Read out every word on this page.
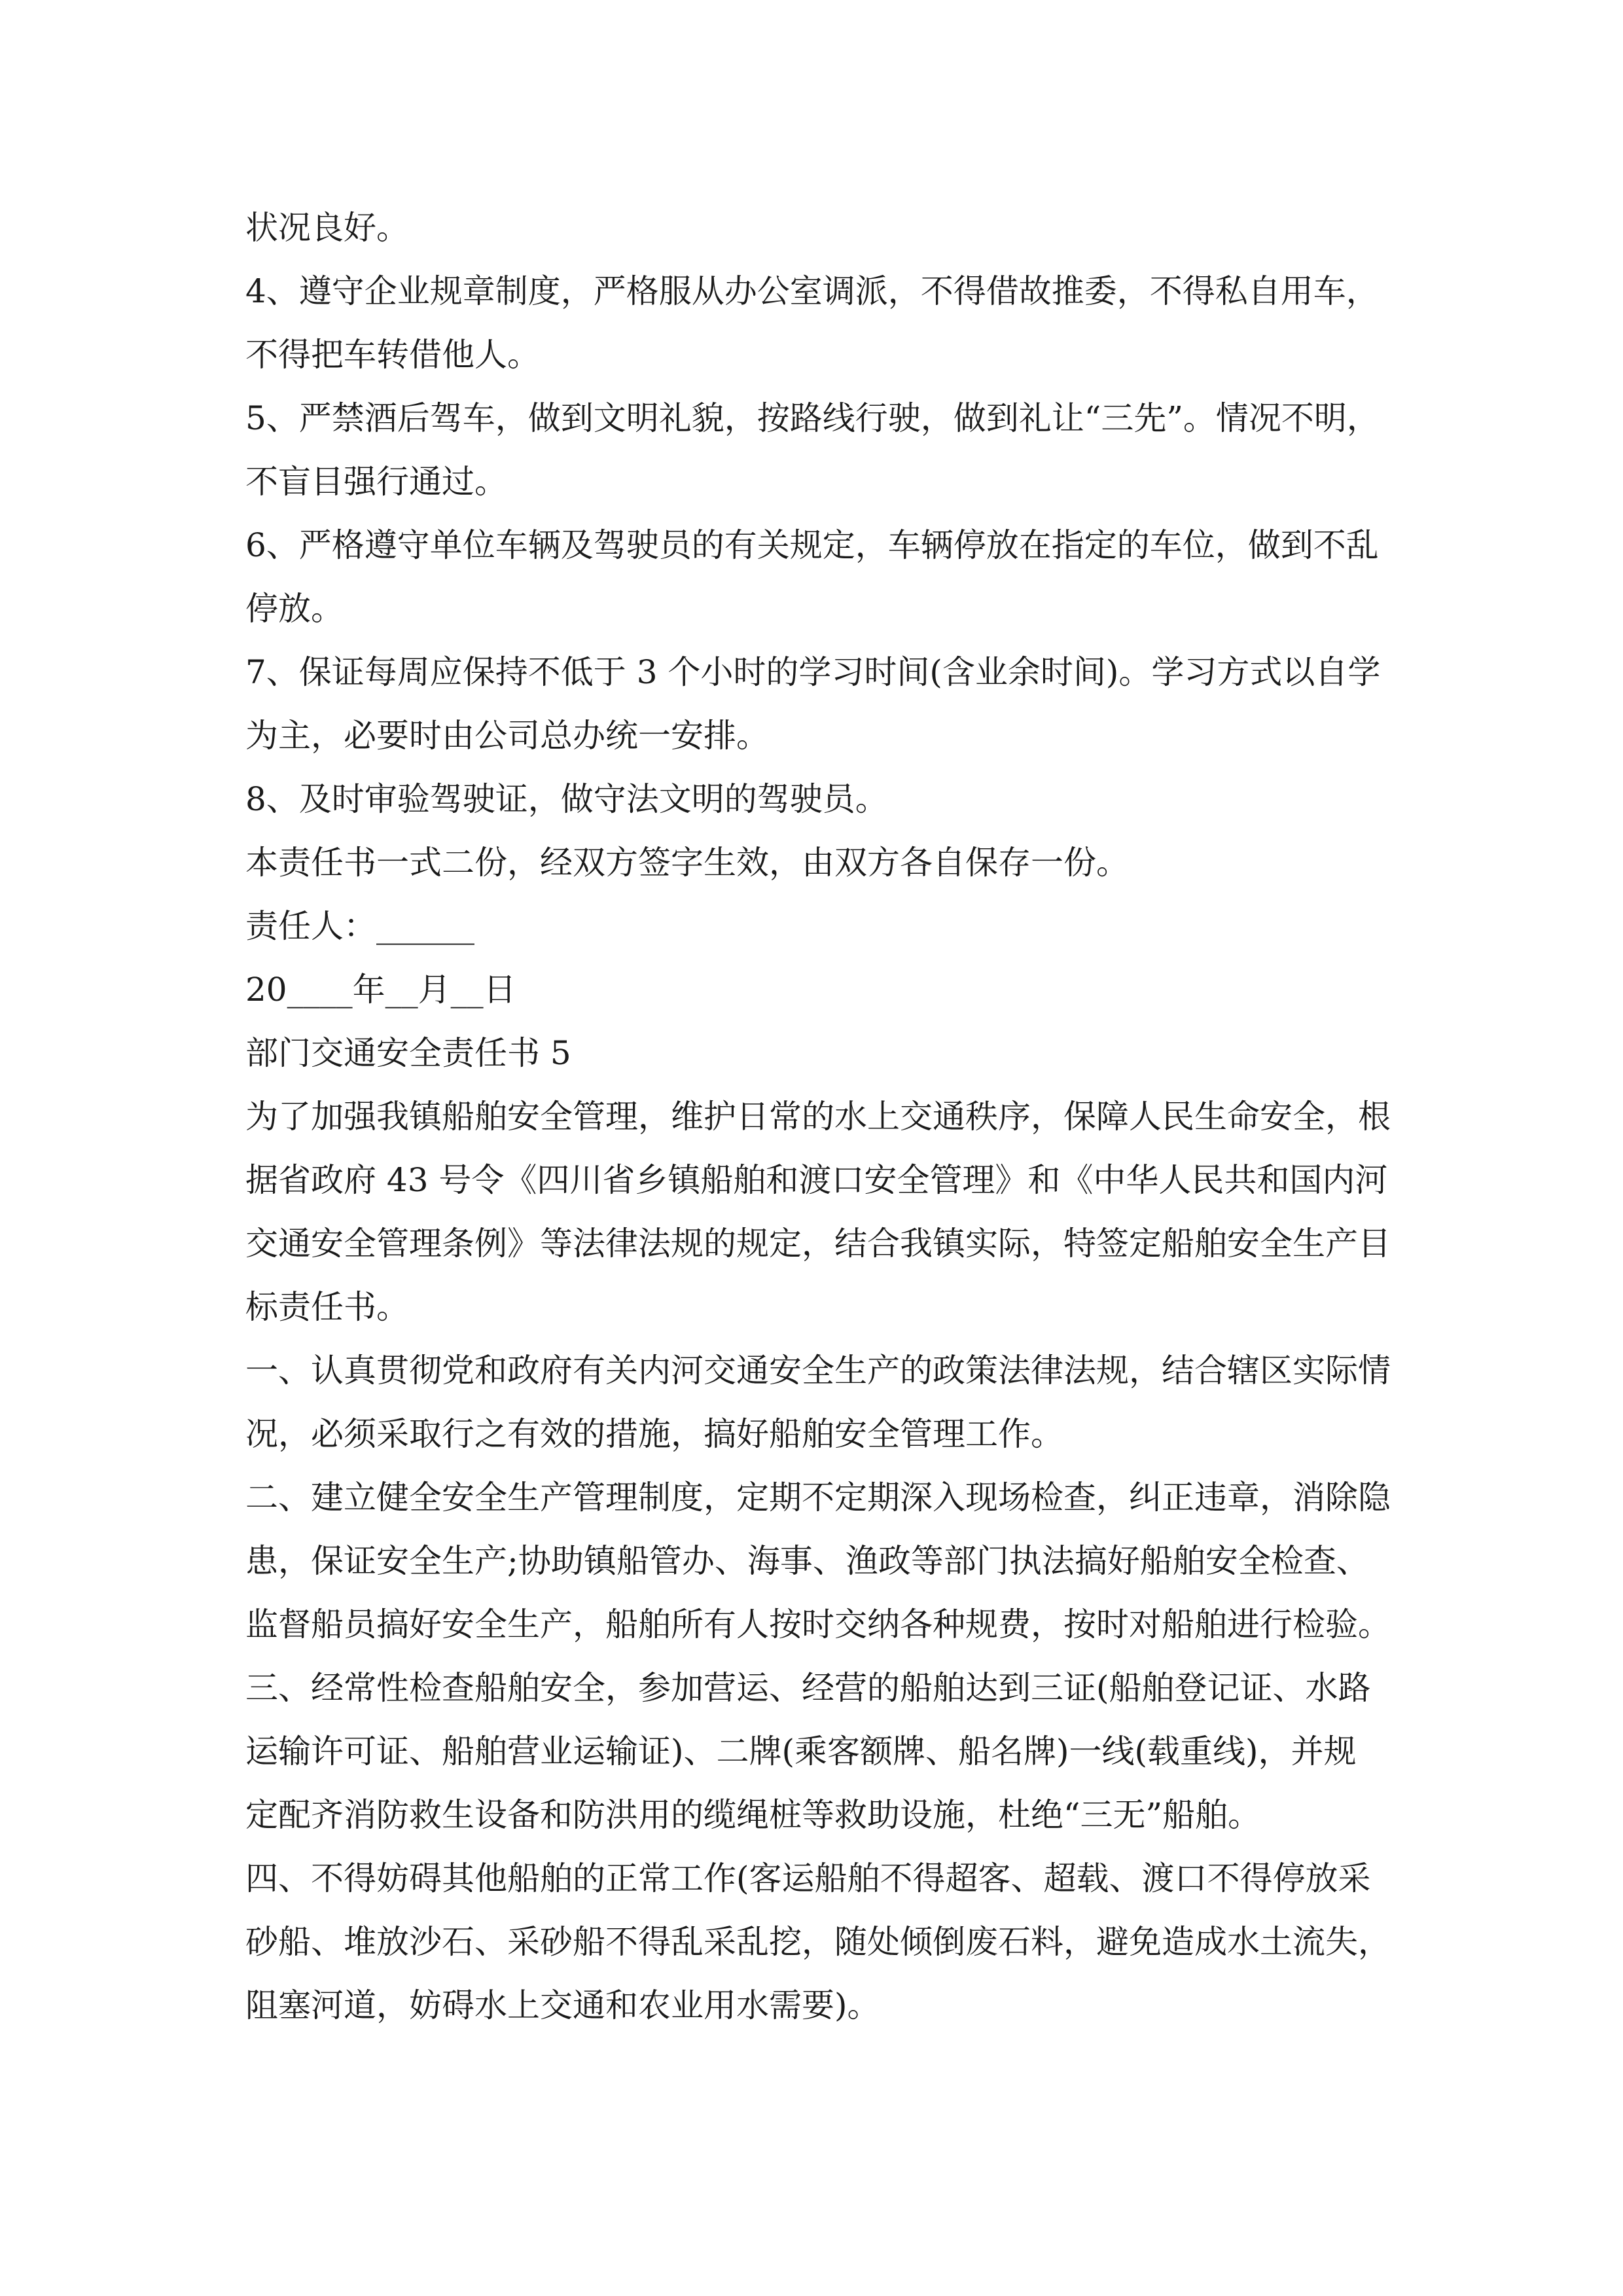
状况良好。

4、遵守企业规章制度，严格服从办公室调派，不得借故推委，不得私自用车，

不得把车转借他人。

5、严禁酒后驾车，做到文明礼貌，按路线行驶，做到礼让“三先”。情况不明，

不盲目强行通过。

6、严格遵守单位车辆及驾驶员的有关规定，车辆停放在指定的车位，做到不乱

停放。

7、保证每周应保持不低于 3 个小时的学习时间(含业余时间)。学习方式以自学

为主，必要时由公司总办统一安排。

8、及时审验驾驶证，做守法文明的驾驶员。

本责任书一式二份，经双方签字生效，由双方各自保存一份。

责任人：______

20____年__月__日

部门交通安全责任书 5

为了加强我镇船舶安全管理，维护日常的水上交通秩序，保障人民生命安全，根

据省政府 43 号令《四川省乡镇船舶和渡口安全管理》和《中华人民共和国内河

交通安全管理条例》等法律法规的规定，结合我镇实际，特签定船舶安全生产目

标责任书。

一、认真贯彻党和政府有关内河交通安全生产的政策法律法规，结合辖区实际情

况，必须采取行之有效的措施，搞好船舶安全管理工作。

二、建立健全安全生产管理制度，定期不定期深入现场检查，纠正违章，消除隐

患，保证安全生产;协助镇船管办、海事、渔政等部门执法搞好船舶安全检查、

监督船员搞好安全生产，船舶所有人按时交纳各种规费，按时对船舶进行检验。

三、经常性检查船舶安全，参加营运、经营的船舶达到三证(船舶登记证、水路

运输许可证、船舶营业运输证)、二牌(乘客额牌、船名牌)一线(载重线)，并规

定配齐消防救生设备和防洪用的缆绳桩等救助设施，杜绝“三无”船舶。

四、不得妨碍其他船舶的正常工作(客运船舶不得超客、超载、渡口不得停放采

砂船、堆放沙石、采砂船不得乱采乱挖，随处倾倒废石料，避免造成水土流失，

阻塞河道，妨碍水上交通和农业用水需要)。
